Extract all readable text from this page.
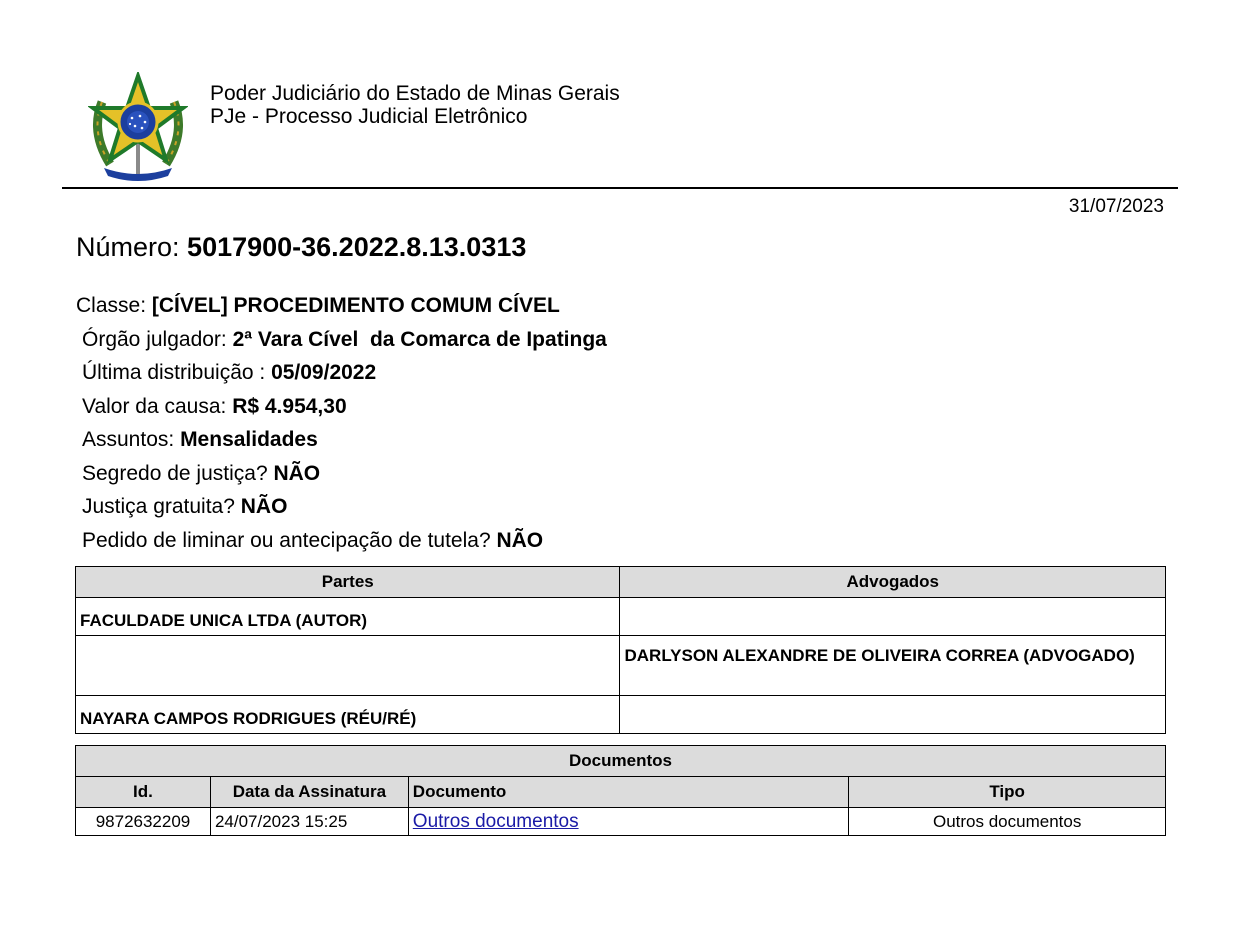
Poder Judiciário do Estado de Minas Gerais
PJe - Processo Judicial Eletrônico
31/07/2023
Número: 5017900-36.2022.8.13.0313
Classe: [CÍVEL] PROCEDIMENTO COMUM CÍVEL
Órgão julgador: 2ª Vara Cível  da Comarca de Ipatinga
Última distribuição : 05/09/2022
Valor da causa: R$ 4.954,30
Assuntos: Mensalidades
Segredo de justiça? NÃO
Justiça gratuita? NÃO
Pedido de liminar ou antecipação de tutela? NÃO
Partes	Advogados
FACULDADE UNICA LTDA (AUTOR)	
	DARLYSON ALEXANDRE DE OLIVEIRA CORREA (ADVOGADO)
NAYARA CAMPOS RODRIGUES (RÉU/RÉ)	
Documentos			
Id.	Data da Assinatura	Documento	Tipo
9872632209	24/07/2023 15:25	Outros documentos	Outros documentos
